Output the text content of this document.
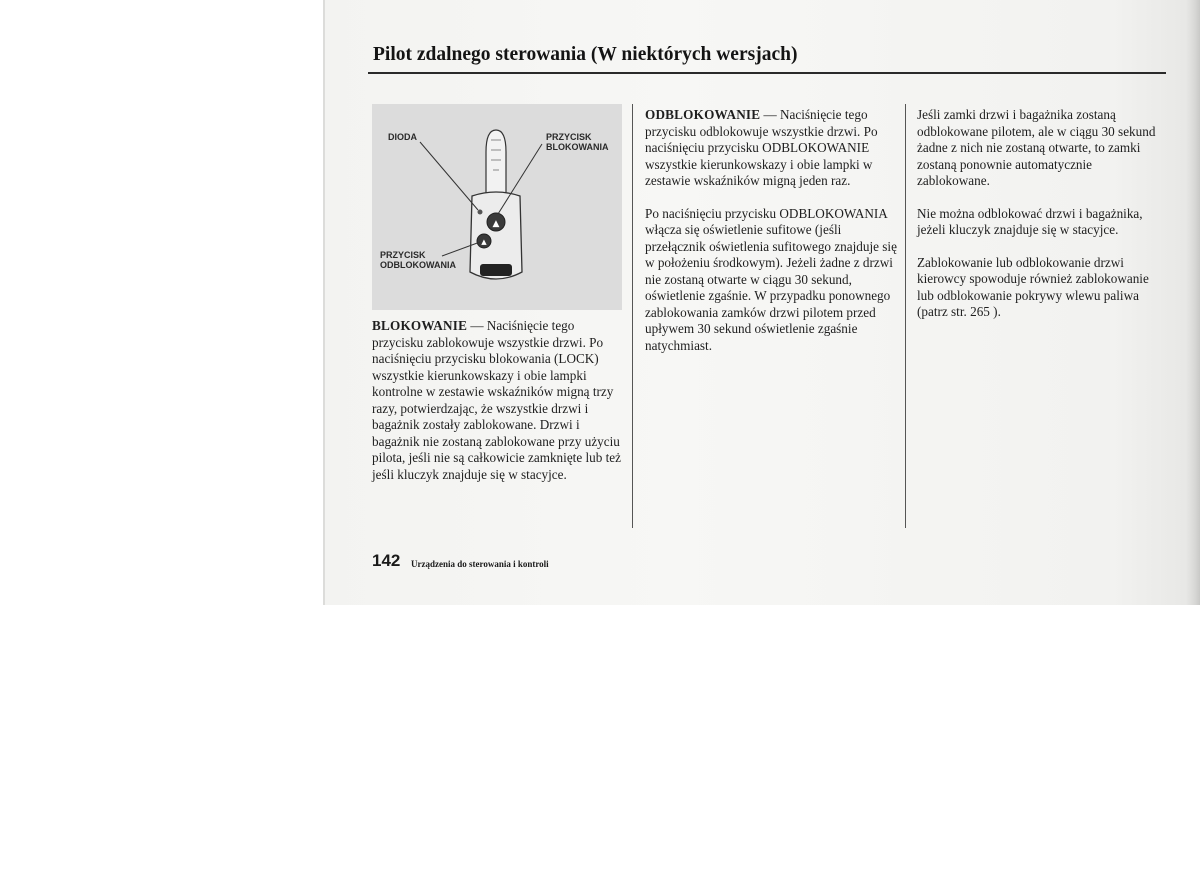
Pilot zdalnego sterowania (W niektórych wersjach)
▲
▲
DIODA	PRZYCISK
BLOKOWANIA
PRZYCISK
ODBLOKOWANIA

BLOKOWANIE — Naciśnięcie tego przycisku zablokowuje wszystkie drzwi. Po naciśnięciu przycisku blokowania (LOCK) wszystkie kierunkowskazy i obie lampki kontrolne w zestawie wskaźników migną trzy razy, potwierdzając, że wszystkie drzwi i bagażnik zostały zablokowane. Drzwi i bagażnik nie zostaną zablokowane przy użyciu pilota, jeśli nie są całkowicie zamknięte lub też jeśli kluczyk znajduje się w stacyjce.

ODBLOKOWANIE — Naciśnięcie tego przycisku odblokowuje wszystkie drzwi. Po naciśnięciu przycisku ODBLOKOWANIE wszystkie kierunkowskazy i obie lampki w zestawie wskaźników migną jeden raz.

Po naciśnięciu przycisku ODBLOKOWANIA włącza się oświetlenie sufitowe (jeśli przełącznik oświetlenia sufitowego znajduje się w położeniu środkowym). Jeżeli żadne z drzwi nie zostaną otwarte w ciągu 30 sekund, oświetlenie zgaśnie. W przypadku ponownego zablokowania zamków drzwi pilotem przed upływem 30 sekund oświetlenie zgaśnie natychmiast.

Jeśli zamki drzwi i bagażnika zostaną odblokowane pilotem, ale w ciągu 30 sekund żadne z nich nie zostaną otwarte, to zamki zostaną ponownie automatycznie zablokowane.

Nie można odblokować drzwi i bagażnika, jeżeli kluczyk znajduje się w stacyjce.

Zablokowanie lub odblokowanie drzwi kierowcy spowoduje również zablokowanie lub odblokowanie pokrywy wlewu paliwa (patrz str. 265 ).

142 Urządzenia do sterowania i kontroli
